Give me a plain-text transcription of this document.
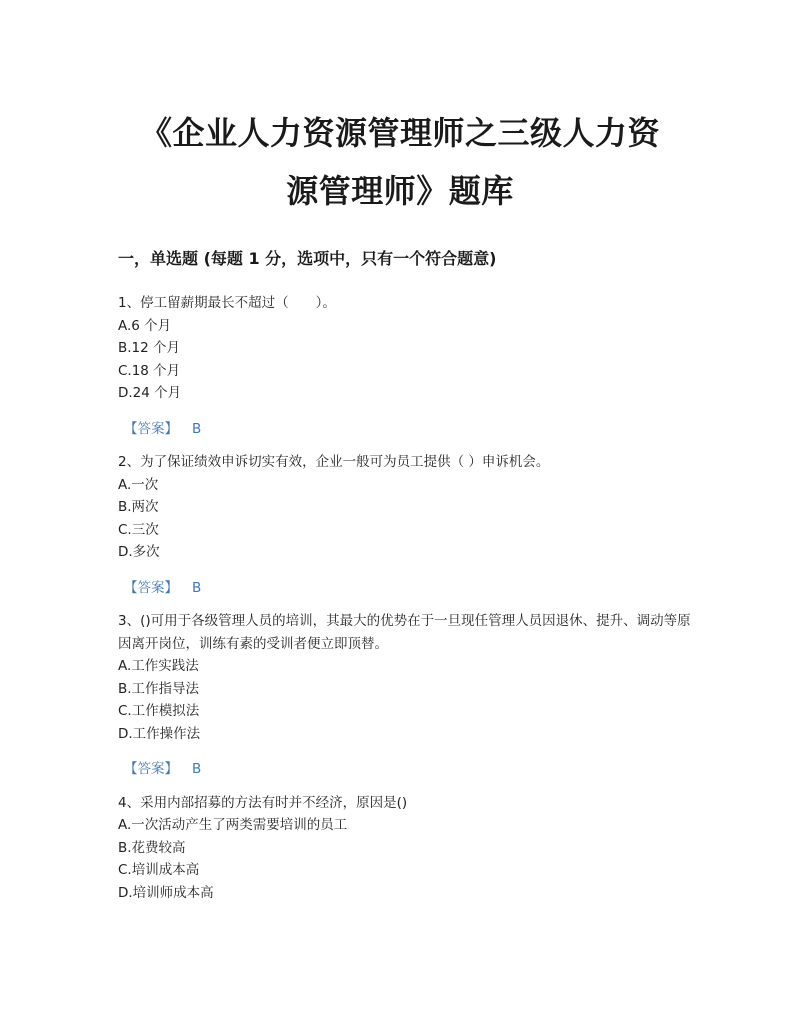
《企业人力资源管理师之三级人力资
源管理师》题库
一，单选题 (每题 1 分，选项中，只有一个符合题意)
1、停工留薪期最长不超过（　　）。
A.6 个月
B.12 个月
C.18 个月
D.24 个月
【答案】 B
2、为了保证绩效申诉切实有效，企业一般可为员工提供（ ）申诉机会。
A.一次
B.两次
C.三次
D.多次
【答案】 B
3、()可用于各级管理人员的培训，其最大的优势在于一旦现任管理人员因退休、提升、调动等原因离开岗位，训练有素的受训者便立即顶替。
A.工作实践法
B.工作指导法
C.工作模拟法
D.工作操作法
【答案】 B
4、采用内部招募的方法有时并不经济，原因是()
A.一次活动产生了两类需要培训的员工
B.花费较高
C.培训成本高
D.培训师成本高
